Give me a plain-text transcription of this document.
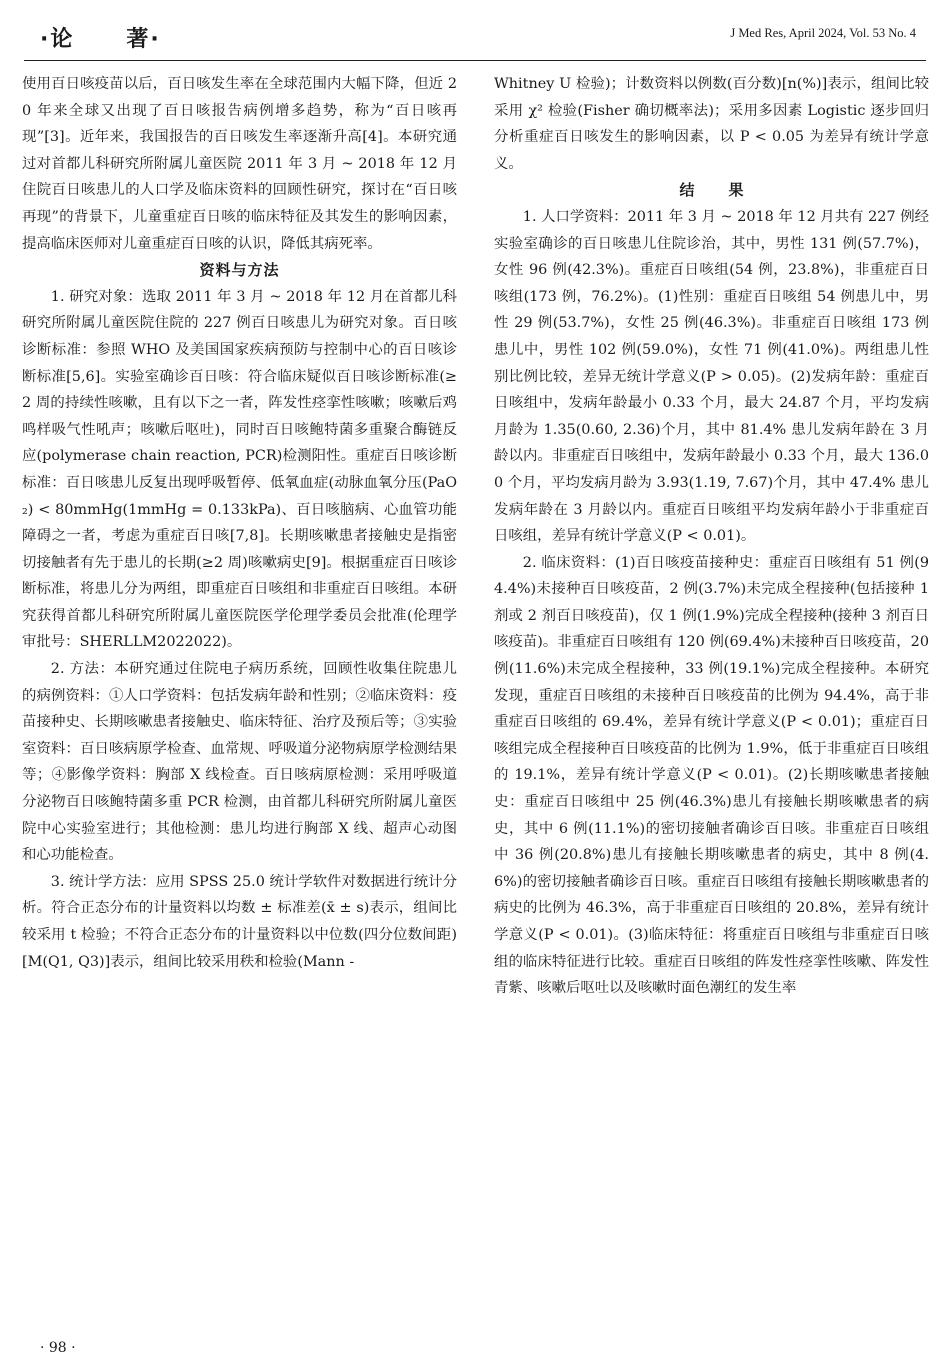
·论 著·	J Med Res, April 2024, Vol. 53 No. 4

使用百日咳疫苗以后，百日咳发生率在全球范围内大幅下降，但近 20 年来全球又出现了百日咳报告病例增多趋势，称为“百日咳再现”[3]。近年来，我国报告的百日咳发生率逐渐升高[4]。本研究通过对首都儿科研究所附属儿童医院 2011 年 3 月 ~ 2018 年 12 月住院百日咳患儿的人口学及临床资料的回顾性研究，探讨在“百日咳再现”的背景下，儿童重症百日咳的临床特征及其发生的影响因素，提高临床医师对儿童重症百日咳的认识，降低其病死率。

资料与方法

1. 研究对象：选取 2011 年 3 月 ~ 2018 年 12 月在首都儿科研究所附属儿童医院住院的 227 例百日咳患儿为研究对象。百日咳诊断标准：参照 WHO 及美国国家疾病预防与控制中心的百日咳诊断标准[5,6]。实验室确诊百日咳：符合临床疑似百日咳诊断标准(≥2 周的持续性咳嗽，且有以下之一者，阵发性痉挛性咳嗽；咳嗽后鸡鸣样吸气性吼声；咳嗽后呕吐)，同时百日咳鲍特菌多重聚合酶链反应(polymerase chain reaction, PCR)检测阳性。重症百日咳诊断标准：百日咳患儿反复出现呼吸暂停、低氧血症(动脉血氧分压(PaO₂) < 80mmHg(1mmHg = 0.133kPa)、百日咳脑病、心血管功能障碍之一者，考虑为重症百日咳[7,8]。长期咳嗽患者接触史是指密切接触者有先于患儿的长期(≥2 周)咳嗽病史[9]。根据重症百日咳诊断标准，将患儿分为两组，即重症百日咳组和非重症百日咳组。本研究获得首都儿科研究所附属儿童医院医学伦理学委员会批准(伦理学审批号：SHERLLM2022022)。

2. 方法：本研究通过住院电子病历系统，回顾性收集住院患儿的病例资料：①人口学资料：包括发病年龄和性别；②临床资料：疫苗接种史、长期咳嗽患者接触史、临床特征、治疗及预后等；③实验室资料：百日咳病原学检查、血常规、呼吸道分泌物病原学检测结果等；④影像学资料：胸部 X 线检查。百日咳病原检测：采用呼吸道分泌物百日咳鲍特菌多重 PCR 检测，由首都儿科研究所附属儿童医院中心实验室进行；其他检测：患儿均进行胸部 X 线、超声心动图和心功能检查。

3. 统计学方法：应用 SPSS 25.0 统计学软件对数据进行统计分析。符合正态分布的计量资料以均数 ± 标准差(x̄ ± s)表示，组间比较采用 t 检验；不符合正态分布的计量资料以中位数(四分位数间距)[M(Q1, Q3)]表示，组间比较采用秩和检验(Mann -

Whitney U 检验)；计数资料以例数(百分数)[n(%)]表示，组间比较采用 χ² 检验(Fisher 确切概率法)；采用多因素 Logistic 逐步回归分析重症百日咳发生的影响因素，以 P < 0.05 为差异有统计学意义。

结果

1. 人口学资料：2011 年 3 月 ~ 2018 年 12 月共有 227 例经实验室确诊的百日咳患儿住院诊治，其中，男性 131 例(57.7%)，女性 96 例(42.3%)。重症百日咳组(54 例，23.8%)，非重症百日咳组(173 例，76.2%)。(1)性别：重症百日咳组 54 例患儿中，男性 29 例(53.7%)，女性 25 例(46.3%)。非重症百日咳组 173 例患儿中，男性 102 例(59.0%)，女性 71 例(41.0%)。两组患儿性别比例比较，差异无统计学意义(P > 0.05)。(2)发病年龄：重症百日咳组中，发病年龄最小 0.33 个月，最大 24.87 个月，平均发病月龄为 1.35(0.60, 2.36)个月，其中 81.4% 患儿发病年龄在 3 月龄以内。非重症百日咳组中，发病年龄最小 0.33 个月，最大 136.00 个月，平均发病月龄为 3.93(1.19, 7.67)个月，其中 47.4% 患儿发病年龄在 3 月龄以内。重症百日咳组平均发病年龄小于非重症百日咳组，差异有统计学意义(P < 0.01)。

2. 临床资料：(1)百日咳疫苗接种史：重症百日咳组有 51 例(94.4%)未接种百日咳疫苗，2 例(3.7%)未完成全程接种(包括接种 1 剂或 2 剂百日咳疫苗)，仅 1 例(1.9%)完成全程接种(接种 3 剂百日咳疫苗)。非重症百日咳组有 120 例(69.4%)未接种百日咳疫苗，20 例(11.6%)未完成全程接种，33 例(19.1%)完成全程接种。本研究发现，重症百日咳组的未接种百日咳疫苗的比例为 94.4%，高于非重症百日咳组的 69.4%，差异有统计学意义(P < 0.01)；重症百日咳组完成全程接种百日咳疫苗的比例为 1.9%，低于非重症百日咳组的 19.1%，差异有统计学意义(P < 0.01)。(2)长期咳嗽患者接触史：重症百日咳组中 25 例(46.3%)患儿有接触长期咳嗽患者的病史，其中 6 例(11.1%)的密切接触者确诊百日咳。非重症百日咳组中 36 例(20.8%)患儿有接触长期咳嗽患者的病史，其中 8 例(4.6%)的密切接触者确诊百日咳。重症百日咳组有接触长期咳嗽患者的病史的比例为 46.3%，高于非重症百日咳组的 20.8%，差异有统计学意义(P < 0.01)。(3)临床特征：将重症百日咳组与非重症百日咳组的临床特征进行比较。重症百日咳组的阵发性痉挛性咳嗽、阵发性青紫、咳嗽后呕吐以及咳嗽时面色潮红的发生率

· 98 ·
